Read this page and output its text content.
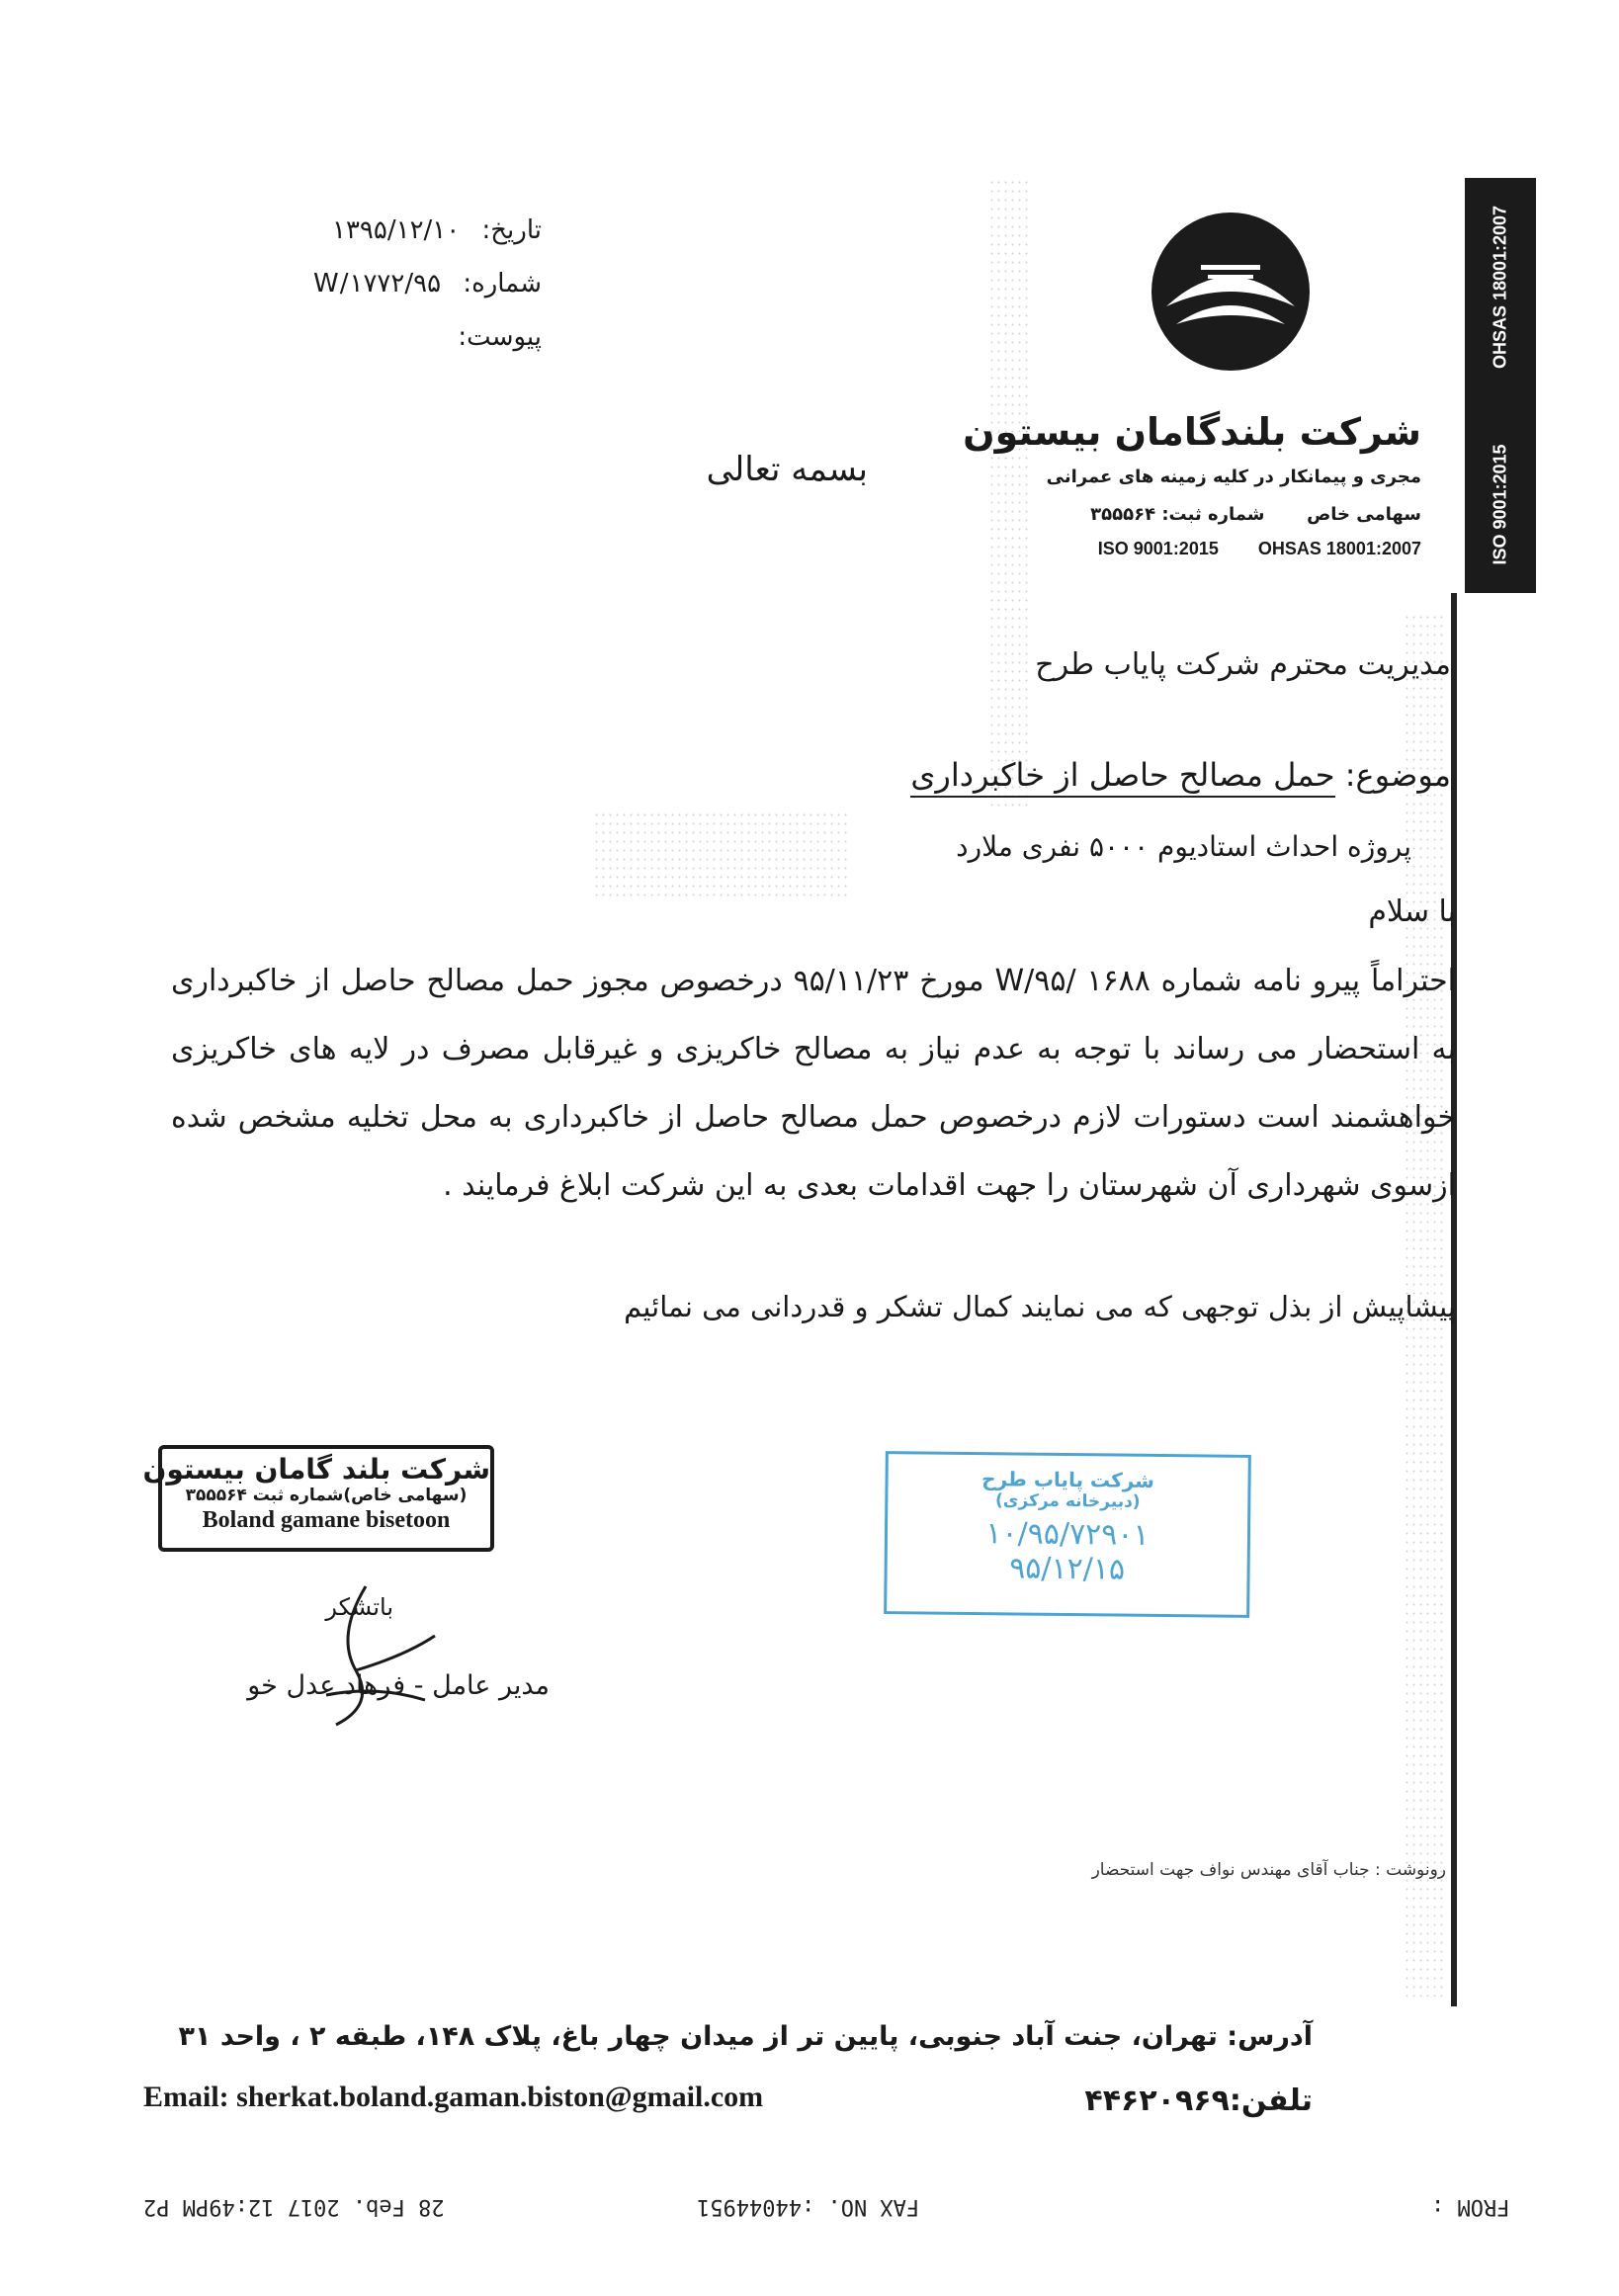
تاریخ: ۱۳۹۵/۱۲/۱۰
شماره: ۹۵/W/۱۷۷۲
پیوست:
شرکت بلندگامان بیستون
مجری و پیمانکار در کلیه زمینه های عمرانی
سهامی خاص  شماره ثبت: ۳۵۵۵۶۴
ISO 9001:2015 OHSAS 18001:2007
OHSAS 18001:2007
ISO 9001:2015
بسمه تعالی
مدیریت محترم شرکت پایاب طرح
موضوع: حمل مصالح حاصل از خاکبرداری
پروژه احداث استادیوم ۵۰۰۰ نفری ملارد
با سلام
احتراماً پیرو نامه شماره ۱۶۸۸ /۹۵/W مورخ ۹۵/۱۱/۲۳ درخصوص مجوز حمل مصالح حاصل از خاکبرداری به استحضار می رساند با توجه به عدم نیاز به مصالح خاکریزی و غیرقابل مصرف در لایه های خاکریزی خواهشمند است دستورات لازم درخصوص حمل مصالح حاصل از خاکبرداری به محل تخلیه مشخص شده ازسوی شهرداری آن شهرستان را جهت اقدامات بعدی به این شرکت ابلاغ فرمایند .
پیشاپیش از بذل توجهی که می نمایند کمال تشکر و قدردانی می نمائیم
شرکت بلند گامان بیستون
(سهامی خاص)شماره ثبت ۳۵۵۵۶۴
Boland gamane bisetoon
شرکت پایاب طرح
(دبیرخانه مرکزی)
۱۰/۹۵/۷۲۹۰۱
۹۵/۱۲/۱۵
باتشکر
مدیر عامل - فرهاد عدل خو
رونوشت : جناب آقای مهندس نواف جهت استحضار
آدرس: تهران، جنت آباد جنوبی، پایین تر از میدان چهار باغ، پلاک ۱۴۸، طبقه ۲ ، واحد ۳۱
Email: sherkat.boland.gaman.biston@gmail.com	تلفن:۴۴۶۲۰۹۶۹
28 Feb. 2017 12:49PM P2	FAX NO. :44044951	FROM :
